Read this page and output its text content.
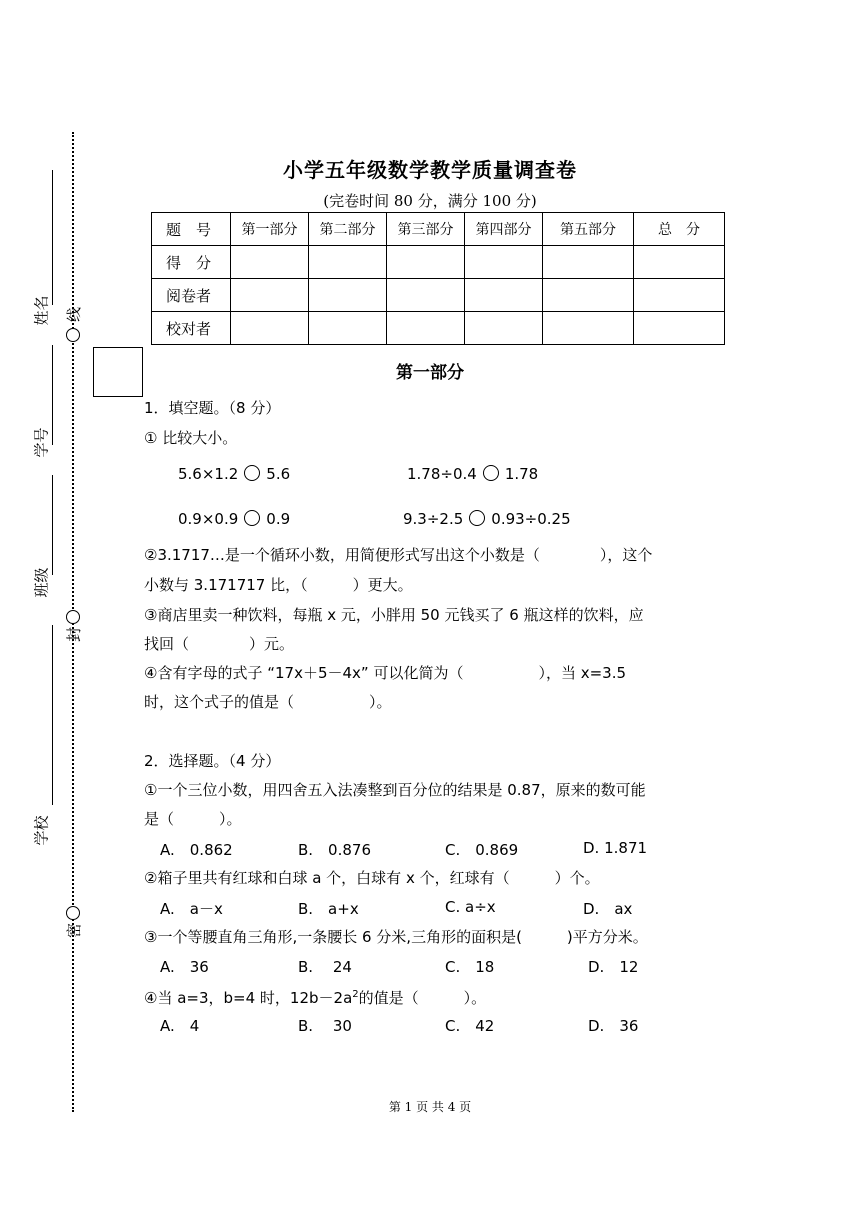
姓名
学号
班级
学校
线
封
密
小学五年级数学教学质量调查卷
(完卷时间 80 分，满分 100 分)
题　号	第一部分	第二部分	第三部分	第四部分	第五部分	总　分
得　分						
阅卷者						
校对者						
第一部分
1．填空题。（8 分）
① 比较大小。
5.6×1.2 5.6	1.78÷0.4 1.78
0.9×0.9 0.9	9.3÷2.5 0.93÷0.25
②3.1717…是一个循环小数，用简便形式写出这个小数是（　　　　），这个
小数与 3.171717 比，（　　　）更大。
③商店里卖一种饮料，每瓶 x 元，小胖用 50 元钱买了 6 瓶这样的饮料，应
找回（　　　　）元。
④含有字母的式子 “17x＋5－4x” 可以化简为（　　　　　），当 x=3.5
时，这个式子的值是（　　　　　）。
2．选择题。（4 分）
①一个三位小数，用四舍五入法凑整到百分位的结果是 0.87，原来的数可能
是（　　　）。
A.　0.862	B.　0.876	C.　0.869	D. 1.871
②箱子里共有红球和白球 a 个，白球有 x 个，红球有（　　　）个。
A.　a－x	B.　a+x	C. a÷x	D.　ax
③一个等腰直角三角形,一条腰长 6 分米,三角形的面积是(　　　)平方分米。
A.　36	B.　 24	C.　18	D.　12
④当 a=3，b=4 时，$12b-2a^2$的值是（　　　）。
A.　4	B.　 30	C.　42	D.　36
第 1 页 共 4 页
